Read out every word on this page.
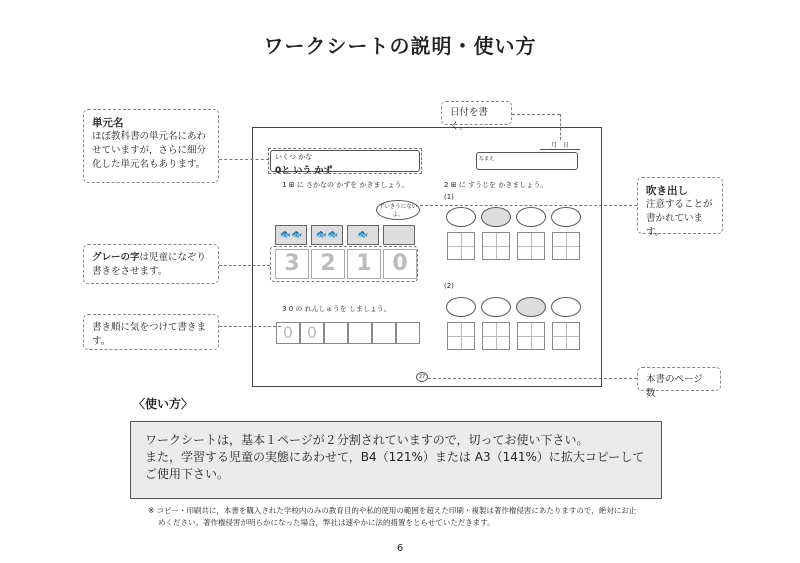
ワークシートの説明・使い方
月　日
いくつ かな
0と いう かず
なまえ
1 ⊞ に さかなの かずを かきましょう。	2 ⊞ に すうじを かきましょう。
(1)
(2)
ずいきうにないよ。
🐟🐟	🐟🐟	🐟
3 2 1 0
3 0 の れんしゅうを しましょう。
0 0
27
単元名
ほぼ教科書の単元名にあわせていますが，さらに細分化した単元名もあります。
日付を書く。
吹き出し
注意することが書かれています。
グレーの字は児童になぞり書きをさせます。
書き順に気をつけて書きます。
本書のページ数
〈使い方〉
ワークシートは，基本１ページが２分割されていますので，切ってお使い下さい。
また，学習する児童の実態にあわせて，B4（121%）または A3（141%）に拡大コピーして
ご使用下さい。
※ コピー・印刷共に，本書を購入された学校内のみの教育目的や私的使用の範囲を超えた印刷・複製は著作権侵害にあたりますので，絶対にお止
めください。著作権侵害が明らかになった場合，弊社は速やかに法的措置をとらせていただきます。
6
